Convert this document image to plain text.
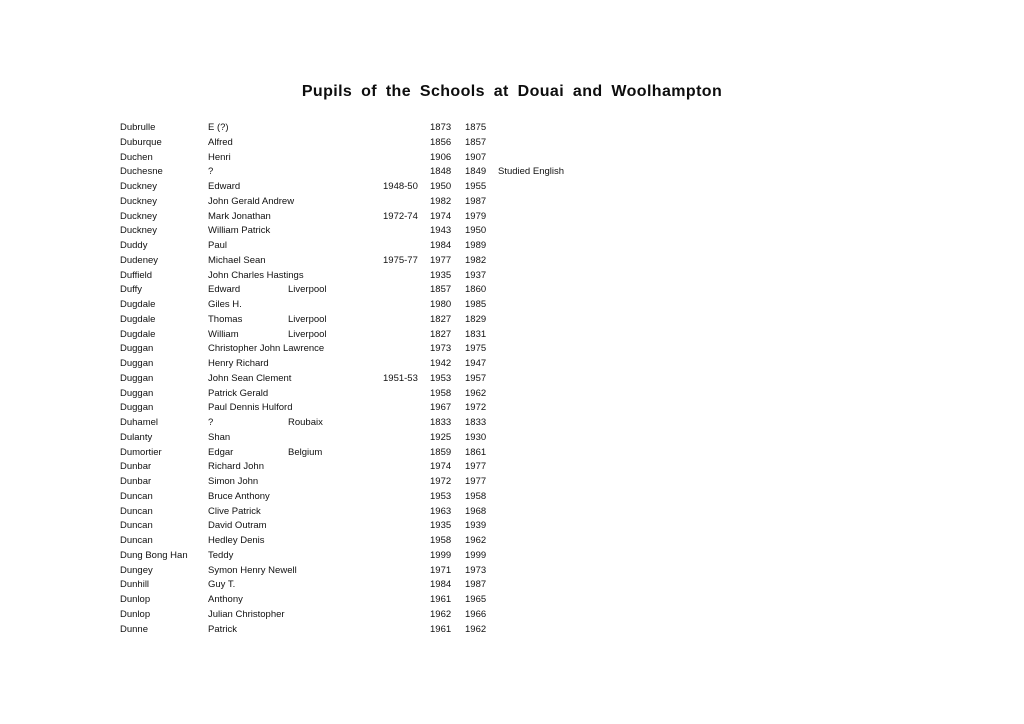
Pupils of the Schools at Douai and Woolhampton
Dubrulle	E (?)	1873	1875
Duburque	Alfred	1856	1857
Duchen	Henri	1906	1907
Duchesne	?	1848	1849	Studied English
Duckney	Edward	1948-50	1950	1955
Duckney	John Gerald Andrew	1982	1987
Duckney	Mark Jonathan	1972-74	1974	1979
Duckney	William Patrick	1943	1950
Duddy	Paul	1984	1989
Dudeney	Michael Sean	1975-77	1977	1982
Duffield	John Charles Hastings	1935	1937
Duffy	Edward	Liverpool	1857	1860
Dugdale	Giles H.	1980	1985
Dugdale	Thomas	Liverpool	1827	1829
Dugdale	William	Liverpool	1827	1831
Duggan	Christopher John Lawrence	1973	1975
Duggan	Henry Richard	1942	1947
Duggan	John Sean Clement	1951-53	1953	1957
Duggan	Patrick Gerald	1958	1962
Duggan	Paul Dennis Hulford	1967	1972
Duhamel	?	Roubaix	1833	1833
Dulanty	Shan	1925	1930
Dumortier	Edgar	Belgium	1859	1861
Dunbar	Richard John	1974	1977
Dunbar	Simon John	1972	1977
Duncan	Bruce Anthony	1953	1958
Duncan	Clive Patrick	1963	1968
Duncan	David Outram	1935	1939
Duncan	Hedley Denis	1958	1962
Dung Bong Han	Teddy	1999	1999
Dungey	Symon Henry Newell	1971	1973
Dunhill	Guy T.	1984	1987
Dunlop	Anthony	1961	1965
Dunlop	Julian Christopher	1962	1966
Dunne	Patrick	1961	1962
